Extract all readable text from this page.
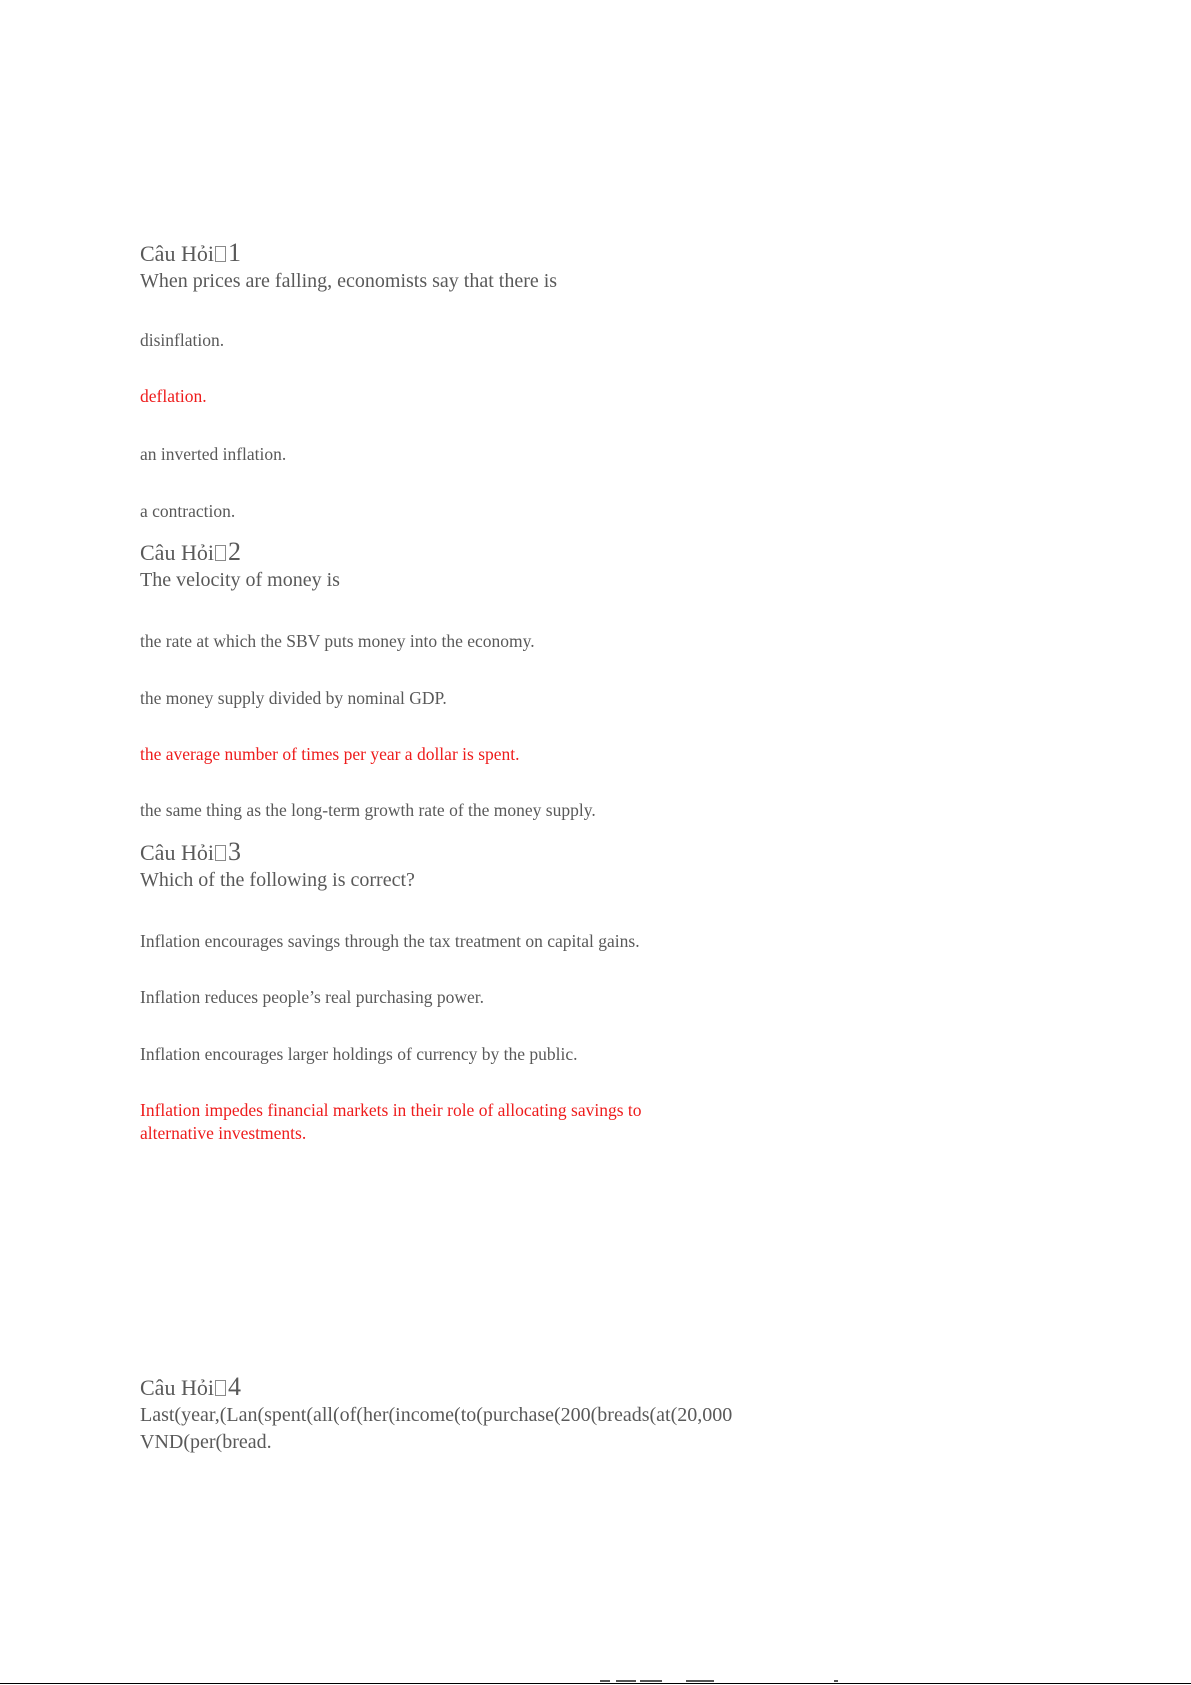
Câu Hỏi 1
When prices are falling, economists say that there is
disinflation.
deflation.
an inverted inflation.
a contraction.
Câu Hỏi 2
The velocity of money is
the rate at which the SBV puts money into the economy.
the money supply divided by nominal GDP.
the average number of times per year a dollar is spent.
the same thing as the long-term growth rate of the money supply.
Câu Hỏi 3
Which of the following is correct?
Inflation encourages savings through the tax treatment on capital gains.
Inflation reduces people’s real purchasing power.
Inflation encourages larger holdings of currency by the public.
Inflation impedes financial markets in their role of allocating savings to
alternative investments.
Câu Hỏi 4
Last(year,(Lan(spent(all(of(her(income(to(purchase(200(breads(at(20,000
VND(per(bread.
